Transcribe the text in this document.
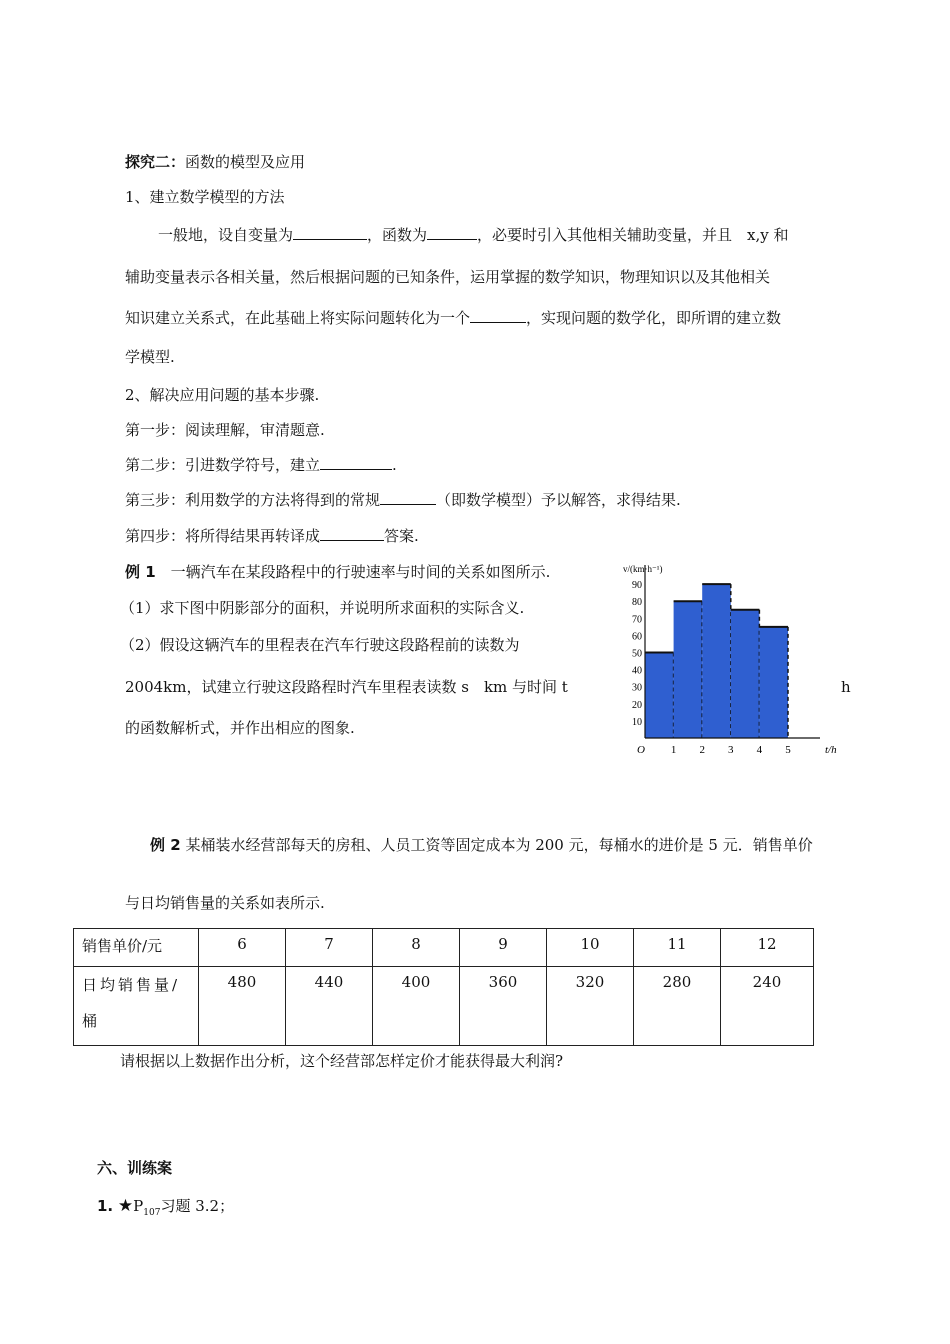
探究二：函数的模型及应用
1、建立数学模型的方法
一般地，设自变量为	，函数为	，必要时引入其他相关辅助变量，并且　x,y 和
辅助变量表示各相关量，然后根据问题的已知条件，运用掌握的数学知识，物理知识以及其他相关
知识建立关系式，在此基础上将实际问题转化为一个	，实现问题的数学化，即所谓的建立数
学模型.
2、解决应用问题的基本步骤.
第一步：阅读理解，审清题意.
第二步：引进数学符号，建立	.
第三步：利用数学的方法将得到的常规	（即数学模型）予以解答，求得结果.
第四步：将所得结果再转译成	答案.
例 1　一辆汽车在某段路程中的行驶速率与时间的关系如图所示.
（1）求下图中阴影部分的面积，并说明所求面积的实际含义.
（2）假设这辆汽车的里程表在汽车行驶这段路程前的读数为
2004km，试建立行驶这段路程时汽车里程表读数 s　km 与时间 t	h
的函数解析式，并作出相应的图象.	10
20
30
40
50
60
70
80
90
1 2 3 4 5
O	t/h
v/(km·h⁻¹)
例 2 某桶装水经营部每天的房租、人员工资等固定成本为 200 元，每桶水的进价是 5 元．销售单价
与日均销售量的关系如表所示.
销售单价/元	6	7	8	9	10	11	12
日均销售量/
桶	480	440	400	360	320	280	240
请根据以上数据作出分析，这个经营部怎样定价才能获得最大利润?
六、训练案
1. $★P_{107}$习题 3.2；
